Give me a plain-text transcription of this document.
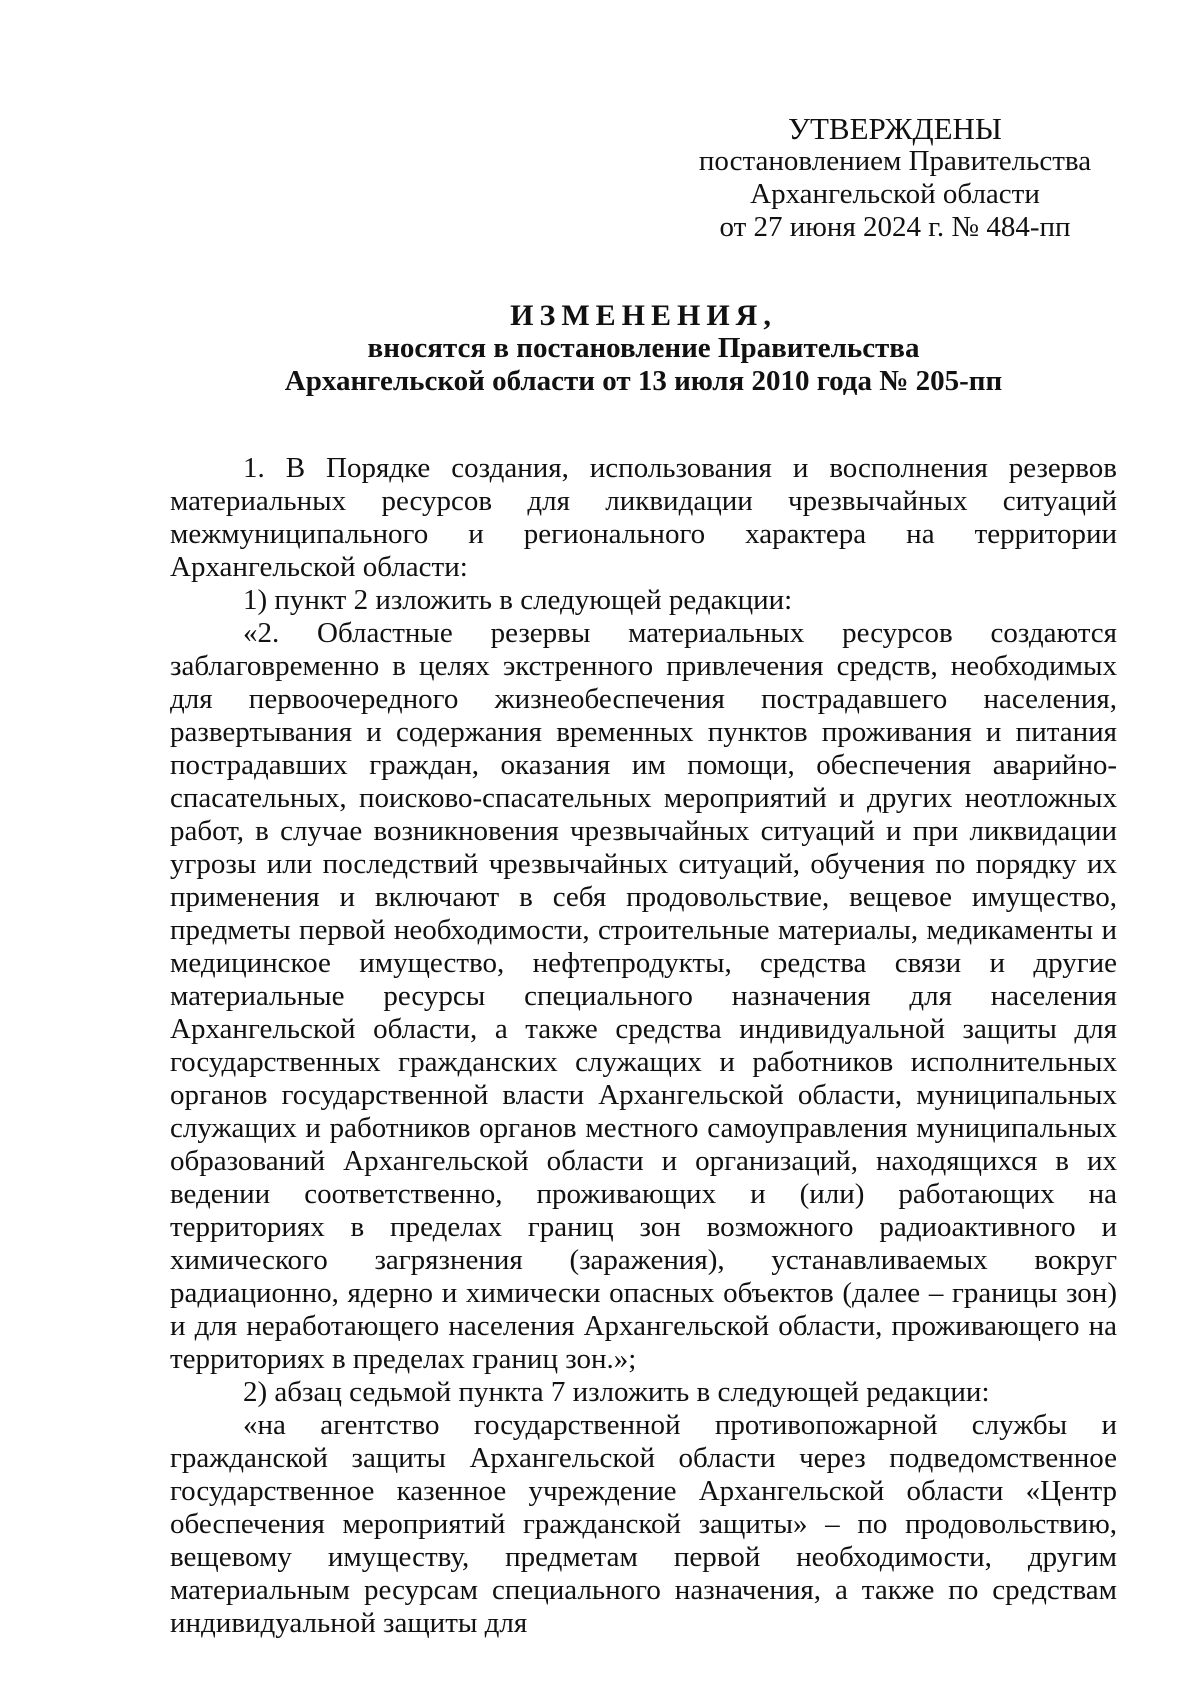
УТВЕРЖДЕНЫ
постановлением Правительства
Архангельской области
от 27 июня 2024 г. № 484-пп
ИЗМЕНЕНИЯ,
вносятся в постановление Правительства
Архангельской области от 13 июля 2010 года № 205-пп

1. В Порядке создания, использования и восполнения резервов материальных ресурсов для ликвидации чрезвычайных ситуаций межмуниципального и регионального характера на территории Архангельской области:

1) пункт 2 изложить в следующей редакции:

«2. Областные резервы материальных ресурсов создаются заблаговременно в целях экстренного привлечения средств, необходимых для первоочередного жизнеобеспечения пострадавшего населения, развертывания и содержания временных пунктов проживания и питания пострадавших граждан, оказания им помощи, обеспечения аварийно-спасательных, поисково-спасательных мероприятий и других неотложных работ, в случае возникновения чрезвычайных ситуаций и при ликвидации угрозы или последствий чрезвычайных ситуаций, обучения по порядку их применения и включают в себя продовольствие, вещевое имущество, предметы первой необходимости, строительные материалы, медикаменты и медицинское имущество, нефтепродукты, средства связи и другие материальные ресурсы специального назначения для населения Архангельской области, а также средства индивидуальной защиты для государственных гражданских служащих и работников исполнительных органов государственной власти Архангельской области, муниципальных служащих и работников органов местного самоуправления муниципальных образований Архангельской области и организаций, находящихся в их ведении соответственно, проживающих и (или) работающих на территориях в пределах границ зон возможного радиоактивного и химического загрязнения (заражения), устанавливаемых вокруг радиационно, ядерно и химически опасных объектов (далее – границы зон) и для неработающего населения Архангельской области, проживающего на территориях в пределах границ зон.»;

2) абзац седьмой пункта 7 изложить в следующей редакции:

«на агентство государственной противопожарной службы и гражданской защиты Архангельской области через подведомственное государственное казенное учреждение Архангельской области «Центр обеспечения мероприятий гражданской защиты» – по продовольствию, вещевому имуществу, предметам первой необходимости, другим материальным ресурсам специального назначения, а также по средствам индивидуальной защиты для
